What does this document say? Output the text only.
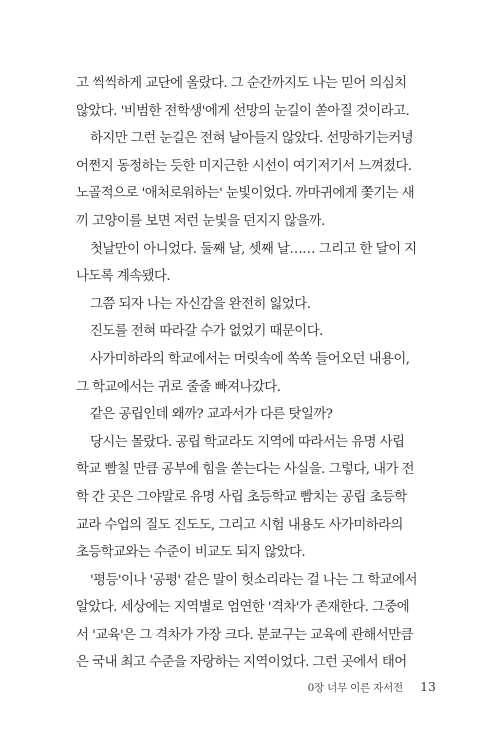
고 씩씩하게 교단에 올랐다. 그 순간까지도 나는 믿어 의심치
않았다. '비범한 전학생'에게 선망의 눈길이 쏟아질 것이라고.
하지만 그런 눈길은 전혀 날아들지 않았다. 선망하기는커녕
어쩐지 동정하는 듯한 미지근한 시선이 여기저기서 느껴졌다.
노골적으로 '애처로워하는' 눈빛이었다. 까마귀에게 쫓기는 새
끼 고양이를 보면 저런 눈빛을 던지지 않을까.
첫날만이 아니었다. 둘째 날, 셋째 날…… 그리고 한 달이 지
나도록 계속됐다.
그쯤 되자 나는 자신감을 완전히 잃었다.
진도를 전혀 따라갈 수가 없었기 때문이다.
사가미하라의 학교에서는 머릿속에 쏙쏙 들어오던 내용이,
그 학교에서는 귀로 줄줄 빠져나갔다.
같은 공립인데 왜까? 교과서가 다른 탓일까?
당시는 몰랐다. 공립 학교라도 지역에 따라서는 유명 사립
학교 빰칠 만큼 공부에 힘을 쏟는다는 사실을. 그렇다, 내가 전
학 간 곳은 그야말로 유명 사립 초등학교 빰치는 공립 초등학
교라 수업의 질도 진도도, 그리고 시험 내용도 사가미하라의
초등학교와는 수준이 비교도 되지 않았다.
'평등'이나 '공평' 같은 말이 헛소리라는 걸 나는 그 학교에서
알았다. 세상에는 지역별로 엄연한 '격차'가 존재한다. 그중에
서 '교육'은 그 격차가 가장 크다. 분쿄구는 교육에 관해서만큼
은 국내 최고 수준을 자랑하는 지역이었다. 그런 곳에서 태어
0장 너무 이른 자서전 13
